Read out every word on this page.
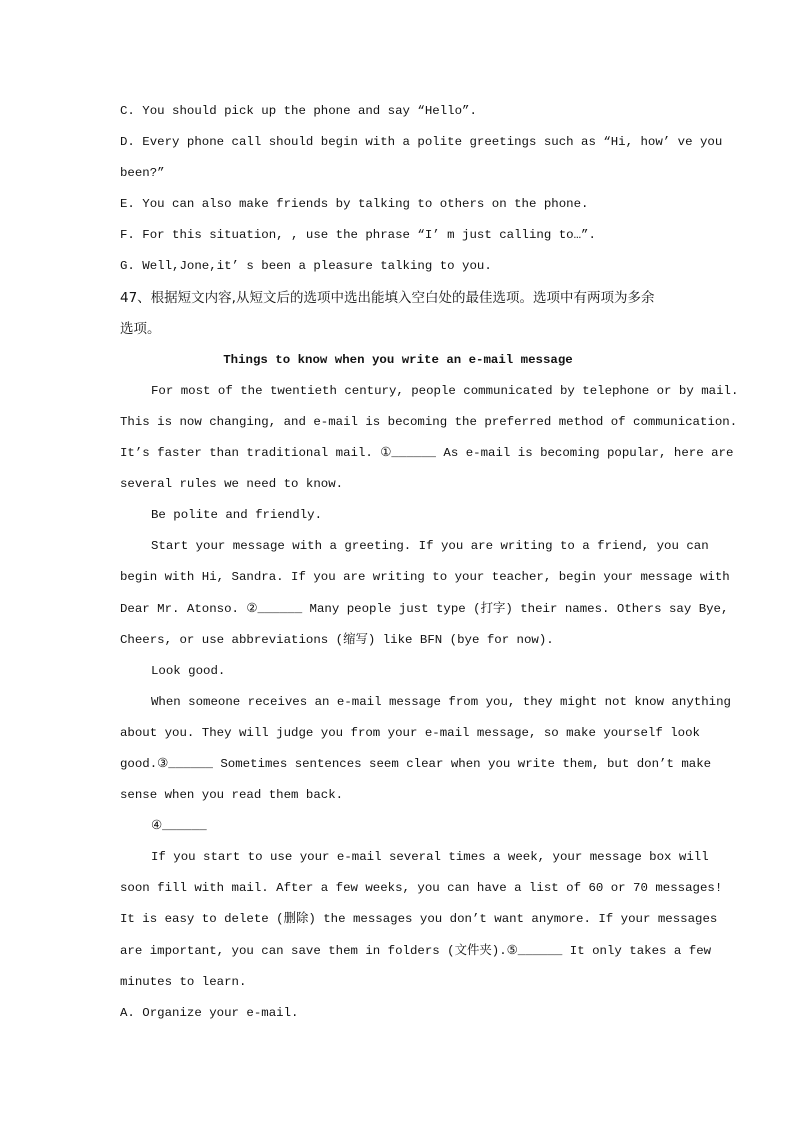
C. You should pick up the phone and say “Hello”.
D. Every phone call should begin with a polite greetings such as “Hi, how’ ve you
been?”
E. You can also make friends by talking to others on the phone.
F. For this situation, , use the phrase “I’ m just calling to…”.
G. Well,Jone,it’ s been a pleasure talking to you.
47、根据短文内容,从短文后的选项中选出能填入空白处的最佳选项。选项中有两项为多余
选项。
Things to know when you write an e-mail message
For most of the twentieth century, people communicated by telephone or by mail.
This is now changing, and e-mail is becoming the preferred method of communication.
It’s faster than traditional mail. ①______ As e-mail is becoming popular, here are
several rules we need to know.
Be polite and friendly.
Start your message with a greeting. If you are writing to a friend, you can
begin with Hi, Sandra. If you are writing to your teacher, begin your message with
Dear Mr. Atonso. ②______ Many people just type (打字) their names. Others say Bye,
Cheers, or use abbreviations (缩写) like BFN (bye for now).
Look good.
When someone receives an e-mail message from you, they might not know anything
about you. They will judge you from your e-mail message, so make yourself look
good.③______ Sometimes sentences seem clear when you write them, but don’t make
sense when you read them back.
④______
If you start to use your e-mail several times a week, your message box will
soon fill with mail. After a few weeks, you can have a list of 60 or 70 messages!
It is easy to delete (删除) the messages you don’t want anymore. If your messages
are important, you can save them in folders (文件夹).⑤______ It only takes a few
minutes to learn.
A. Organize your e-mail.
